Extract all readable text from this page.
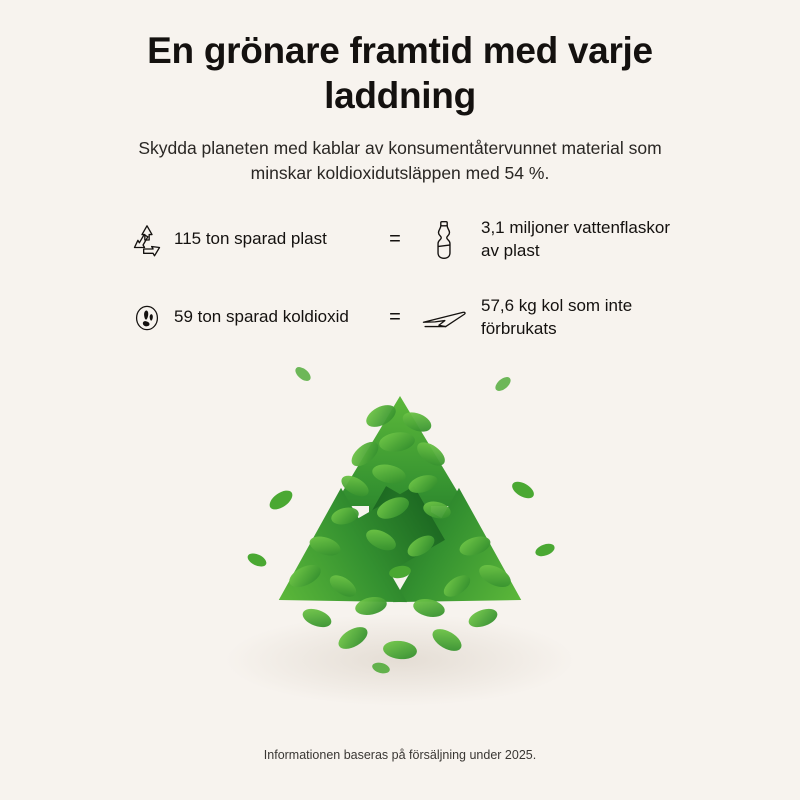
En grönare framtid med varje laddning
Skydda planeten med kablar av konsumentåtervunnet material som minskar koldioxidutsläppen med 54 %.
115 ton sparad plast	=
3,1 miljoner vattenflaskor av plast
59 ton sparad koldioxid	=
57,6 kg kol som inte förbrukats
Informationen baseras på försäljning under 2025.
